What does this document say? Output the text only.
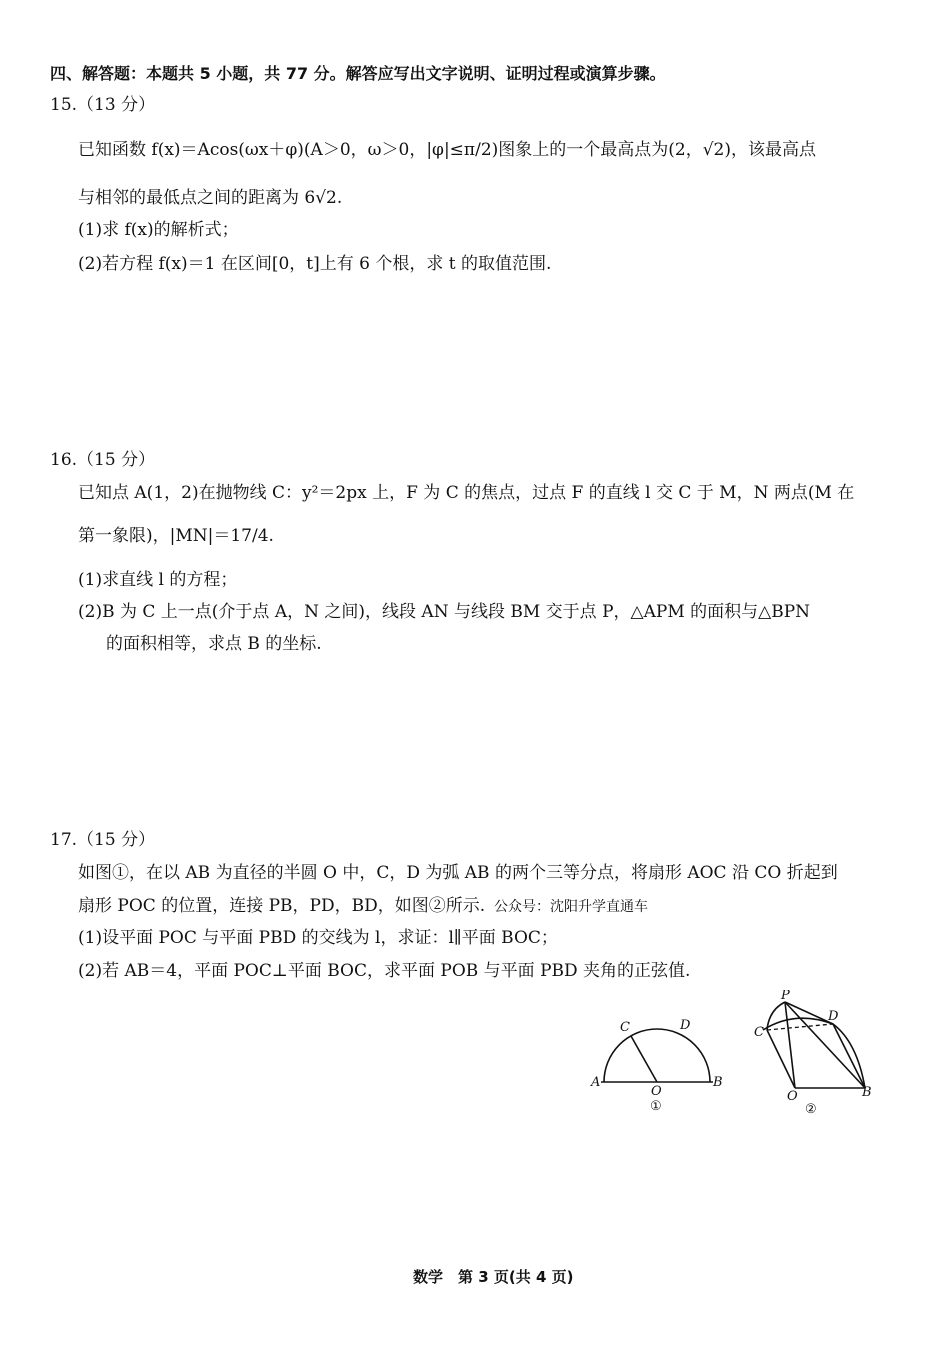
四、解答题：本题共 5 小题，共 77 分。解答应写出文字说明、证明过程或演算步骤。
15.（13 分）
已知函数 f(x)＝Acos(ωx＋φ)(A＞0，ω＞0，|φ|≤π/2)图象上的一个最高点为(2，√2)，该最高点
与相邻的最低点之间的距离为 6√2.
(1)求 f(x)的解析式；
(2)若方程 f(x)＝1 在区间[0，t]上有 6 个根，求 t 的取值范围.
16.（15 分）
已知点 A(1，2)在抛物线 C：y²＝2px 上，F 为 C 的焦点，过点 F 的直线 l 交 C 于 M，N 两点(M 在
第一象限)，|MN|＝17/4.
(1)求直线 l 的方程；
(2)B 为 C 上一点(介于点 A，N 之间)，线段 AN 与线段 BM 交于点 P，△APM 的面积与△BPN
的面积相等，求点 B 的坐标.
17.（15 分）
如图①，在以 AB 为直径的半圆 O 中，C，D 为弧 AB 的两个三等分点，将扇形 AOC 沿 CO 折起到
扇形 POC 的位置，连接 PB，PD，BD，如图②所示. 公众号：沈阳升学直通车
(1)设平面 POC 与平面 PBD 的交线为 l，求证：l∥平面 BOC；
(2)若 AB＝4，平面 POC⊥平面 BOC，求平面 POB 与平面 PBD 夹角的正弦值.
C	D
A	B
O
①
P
C
D
O	B
②
数学　第 3 页(共 4 页)
